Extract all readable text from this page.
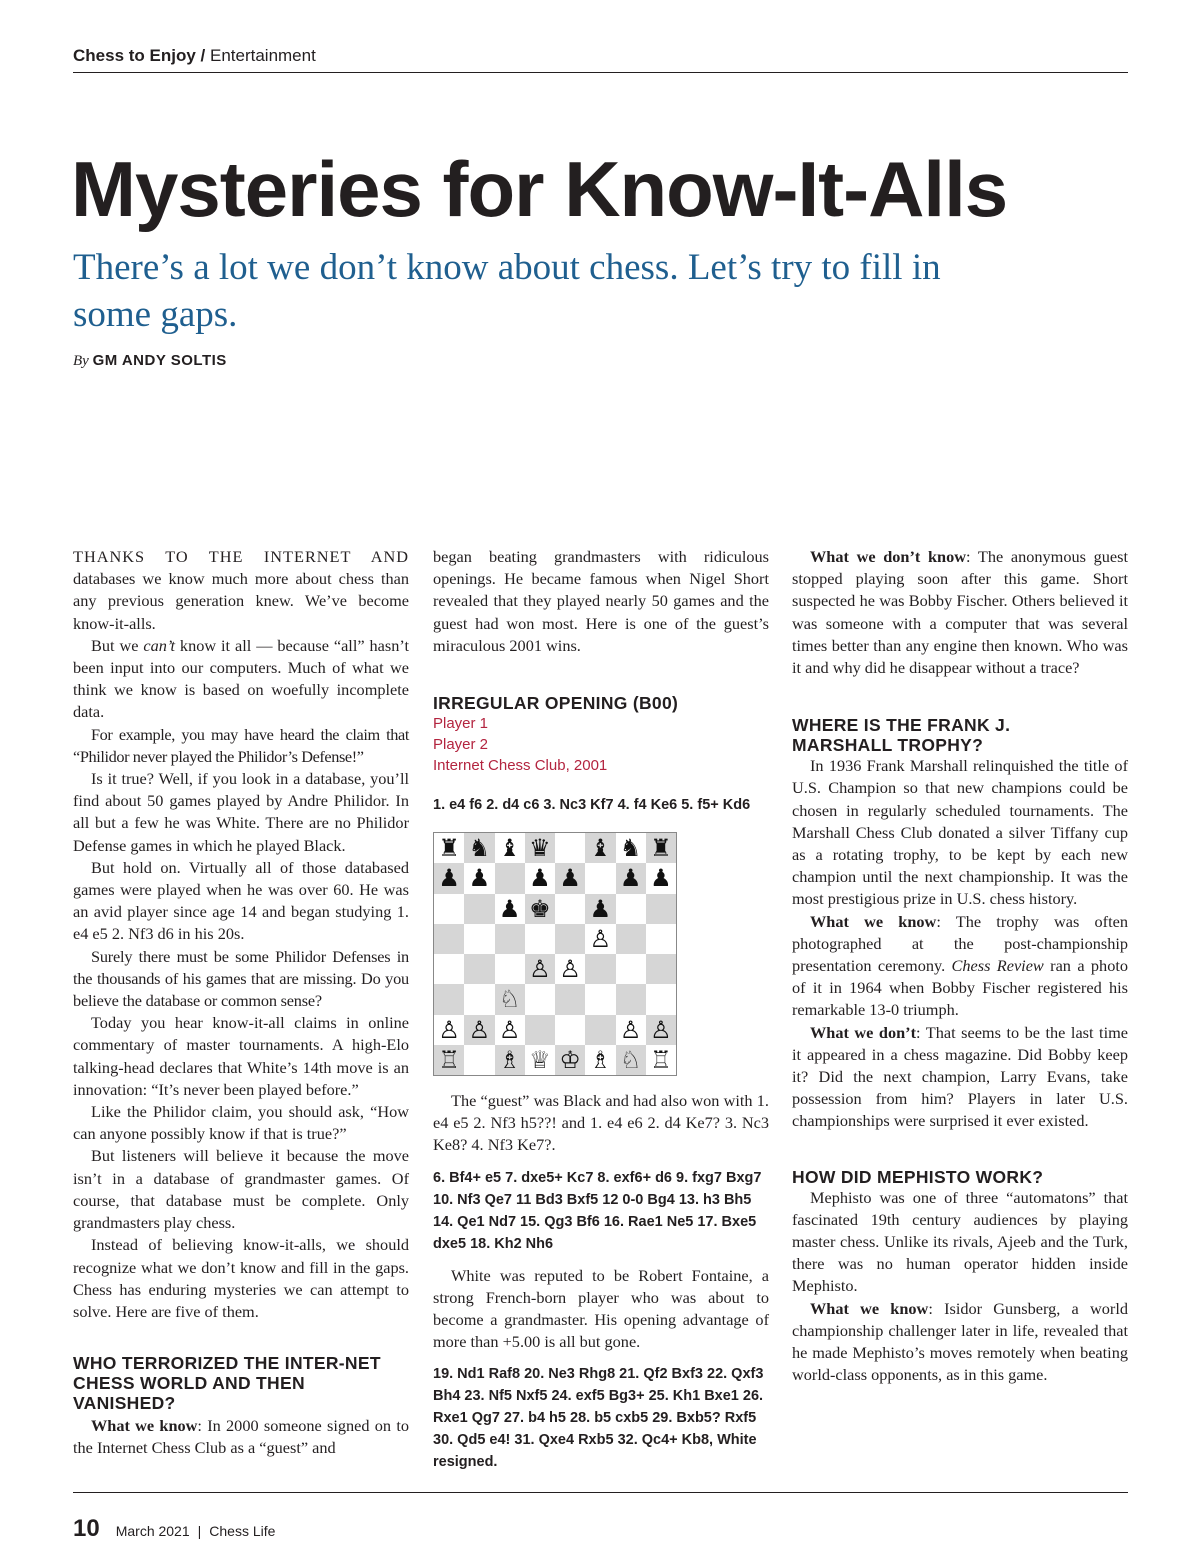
Chess to Enjoy / Entertainment
Mysteries for Know-It-Alls
There’s a lot we don’t know about chess. Let’s try to fill in some gaps.
By GM ANDY SOLTIS

THANKS TO THE INTERNET AND databases we know much more about chess than any previous generation knew. We’ve become know-it-alls.

But we can’t know it all — because “all” hasn’t been input into our computers. Much of what we think we know is based on woefully incomplete data.

For example, you may have heard the claim that “Philidor never played the Philidor’s Defense!”

Is it true? Well, if you look in a database, you’ll find about 50 games played by Andre Philidor. In all but a few he was White. There are no Philidor Defense games in which he played Black.

But hold on. Virtually all of those databased games were played when he was over 60. He was an avid player since age 14 and began studying 1. e4 e5 2. Nf3 d6 in his 20s.

Surely there must be some Philidor Defenses in the thousands of his games that are missing. Do you believe the database or common sense?

Today you hear know-it-all claims in online commentary of master tournaments. A high-Elo talking-head declares that White’s 14th move is an innovation: “It’s never been played before.”

Like the Philidor claim, you should ask, “How can anyone possibly know if that is true?”

But listeners will believe it because the move isn’t in a database of grandmaster games. Of course, that database must be complete. Only grandmasters play chess.

Instead of believing know-it-alls, we should recognize what we don’t know and fill in the gaps. Chess has enduring mysteries we can attempt to solve. Here are five of them.

WHO TERRORIZED THE INTER-NET CHESS WORLD AND THEN VANISHED?

What we know: In 2000 someone signed on to the Internet Chess Club as a “guest” and

began beating grandmasters with ridiculous openings. He became famous when Nigel Short revealed that they played nearly 50 games and the guest had won most. Here is one of the guest’s miraculous 2001 wins.

IRREGULAR OPENING (B00)

Player 1

Player 2

Internet Chess Club, 2001

1. e4 f6 2. d4 c6 3. Nc3 Kf7 4. f4 Ke6 5. f5+ Kd6

♜ ♞ ♝ ♛ ♝ ♞ ♜
♟ ♟ ♟ ♟ ♟ ♟
♟ ♚ ♟
♙
♙ ♙
♘
♙ ♙ ♙	♙ ♙
♖ ♗ ♕ ♔ ♗ ♘ ♖

The “guest” was Black and had also won with 1. e4 e5 2. Nf3 h5??! and 1. e4 e6 2. d4 Ke7? 3. Nc3 Ke8? 4. Nf3 Ke7?.

6. Bf4+ e5 7. dxe5+ Kc7 8. exf6+ d6 9. fxg7 Bxg7 10. Nf3 Qe7 11 Bd3 Bxf5 12 0-0 Bg4 13. h3 Bh5 14. Qe1 Nd7 15. Qg3 Bf6 16. Rae1 Ne5 17. Bxe5 dxe5 18. Kh2 Nh6

White was reputed to be Robert Fontaine, a strong French-born player who was about to become a grandmaster. His opening advantage of more than +5.00 is all but gone.

19. Nd1 Raf8 20. Ne3 Rhg8 21. Qf2 Bxf3 22. Qxf3 Bh4 23. Nf5 Nxf5 24. exf5 Bg3+ 25. Kh1 Bxe1 26. Rxe1 Qg7 27. b4 h5 28. b5 cxb5 29. Bxb5? Rxf5 30. Qd5 e4! 31. Qxe4 Rxb5 32. Qc4+ Kb8, White resigned.

What we don’t know: The anonymous guest stopped playing soon after this game. Short suspected he was Bobby Fischer. Others believed it was someone with a computer that was several times better than any engine then known. Who was it and why did he disappear without a trace?

WHERE IS THE FRANK J. MARSHALL TROPHY?

In 1936 Frank Marshall relinquished the title of U.S. Champion so that new champions could be chosen in regularly scheduled tournaments. The Marshall Chess Club donated a silver Tiffany cup as a rotating trophy, to be kept by each new champion until the next championship. It was the most prestigious prize in U.S. chess history.

What we know: The trophy was often photographed at the post-championship presentation ceremony. Chess Review ran a photo of it in 1964 when Bobby Fischer registered his remarkable 13-0 triumph.

What we don’t: That seems to be the last time it appeared in a chess magazine. Did Bobby keep it? Did the next champion, Larry Evans, take possession from him? Players in later U.S. championships were surprised it ever existed.

HOW DID MEPHISTO WORK?

Mephisto was one of three “automatons” that fascinated 19th century audiences by playing master chess. Unlike its rivals, Ajeeb and the Turk, there was no human operator hidden inside Mephisto.

What we know: Isidor Gunsberg, a world championship challenger later in life, revealed that he made Mephisto’s moves remotely when beating world-class opponents, as in this game.

10 March 2021 | Chess Life
